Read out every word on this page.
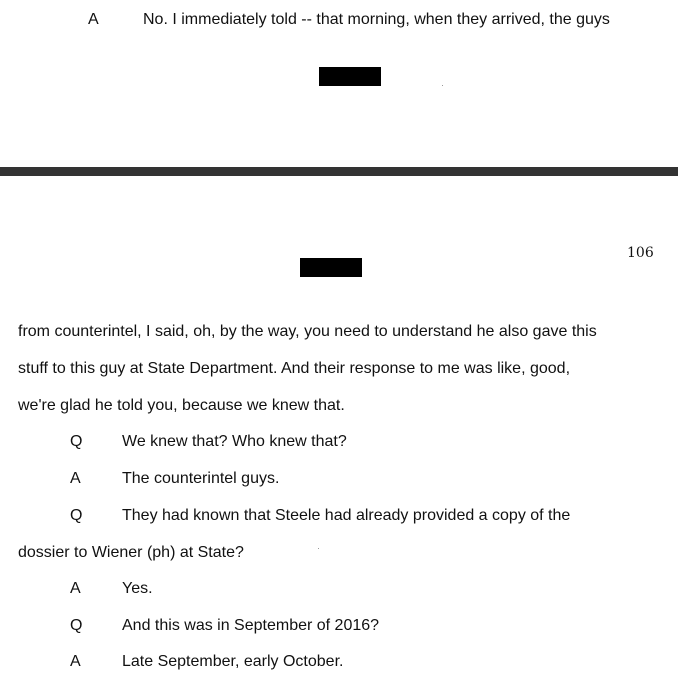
A	No. I immediately told -- that morning, when they arrived, the guys
106
from counterintel, I said, oh, by the way, you need to understand he also gave this
stuff to this guy at State Department. And their response to me was like, good,
we're glad he told you, because we knew that.
Q We knew that? Who knew that?
A	The counterintel guys.
Q They had known that Steele had already provided a copy of the
dossier to Wiener (ph) at State?
A	Yes.
Q And this was in September of 2016?
A	Late September, early October.
